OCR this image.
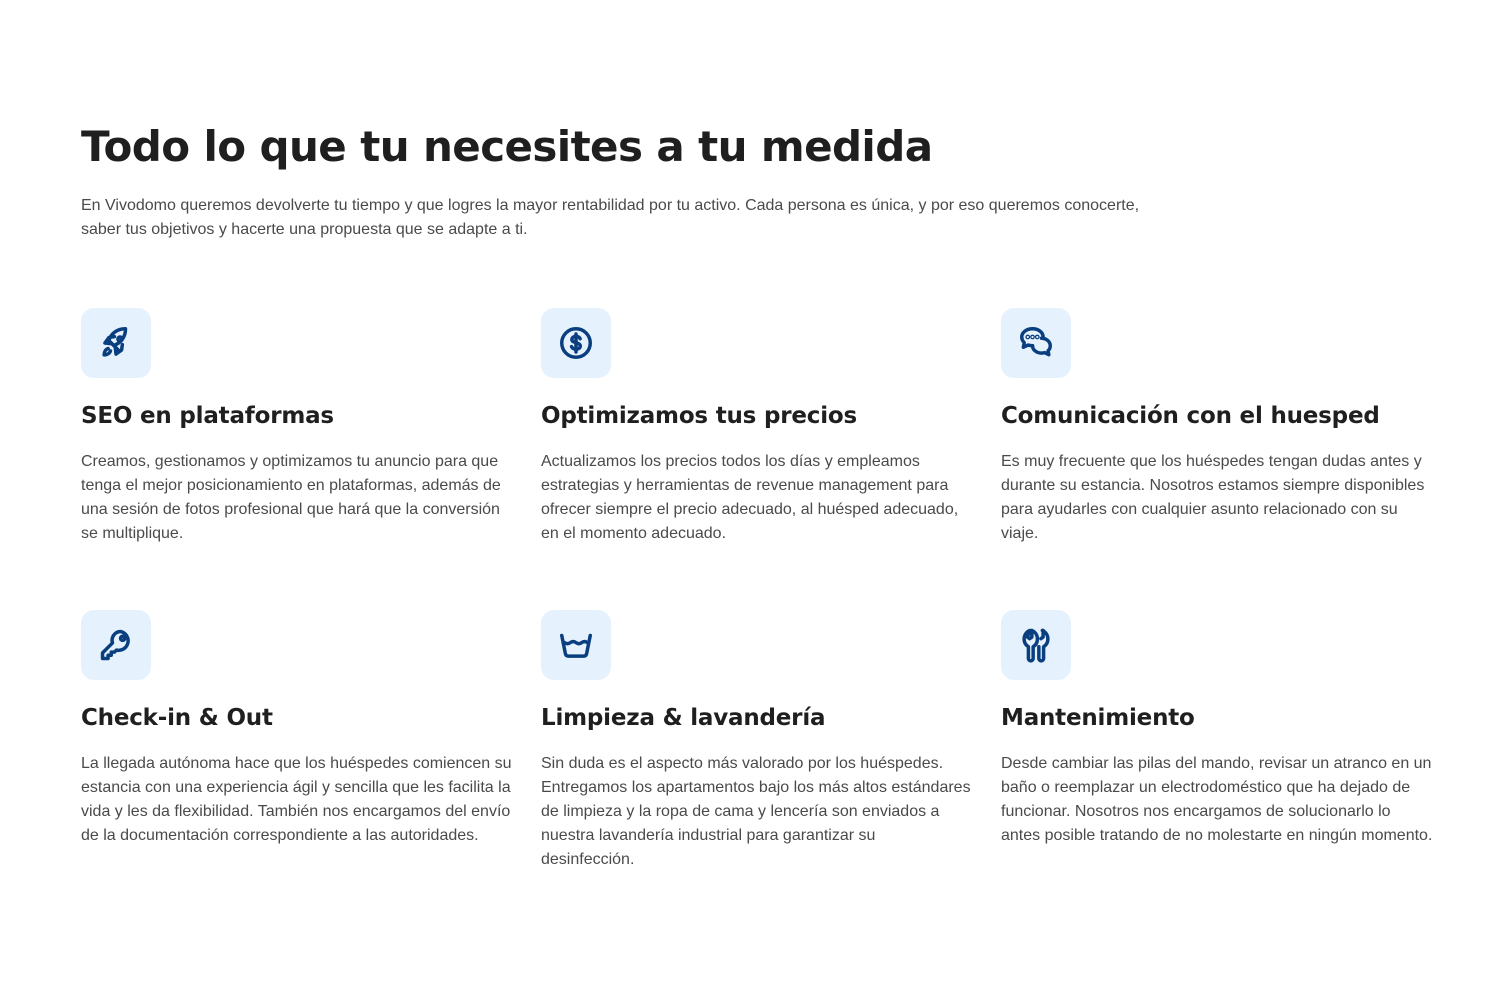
Todo lo que tu necesites a tu medida

En Vivodomo queremos devolverte tu tiempo y que logres la mayor rentabilidad por tu activo. Cada persona es única, y por eso queremos conocerte, saber tus objetivos y hacerte una propuesta que se adapte a ti.

SEO en plataformas

Creamos, gestionamos y optimizamos tu anuncio para que tenga el mejor posicionamiento en plataformas, además de una sesión de fotos profesional que hará que la conversión se multiplique.

Optimizamos tus precios

Actualizamos los precios todos los días y empleamos estrategias y herramientas de revenue management para ofrecer siempre el precio adecuado, al huésped adecuado, en el momento adecuado.

Comunicación con el huesped

Es muy frecuente que los huéspedes tengan dudas antes y durante su estancia. Nosotros estamos siempre disponibles para ayudarles con cualquier asunto relacionado con su viaje.

Check-in & Out

La llegada autónoma hace que los huéspedes comiencen su estancia con una experiencia ágil y sencilla que les facilita la vida y les da flexibilidad. También nos encargamos del envío de la documentación correspondiente a las autoridades.

Limpieza & lavandería

Sin duda es el aspecto más valorado por los huéspedes. Entregamos los apartamentos bajo los más altos estándares de limpieza y la ropa de cama y lencería son enviados a nuestra lavandería industrial para garantizar su desinfección.

Mantenimiento

Desde cambiar las pilas del mando, revisar un atranco en un baño o reemplazar un electrodoméstico que ha dejado de funcionar. Nosotros nos encargamos de solucionarlo lo antes posible tratando de no molestarte en ningún momento.
